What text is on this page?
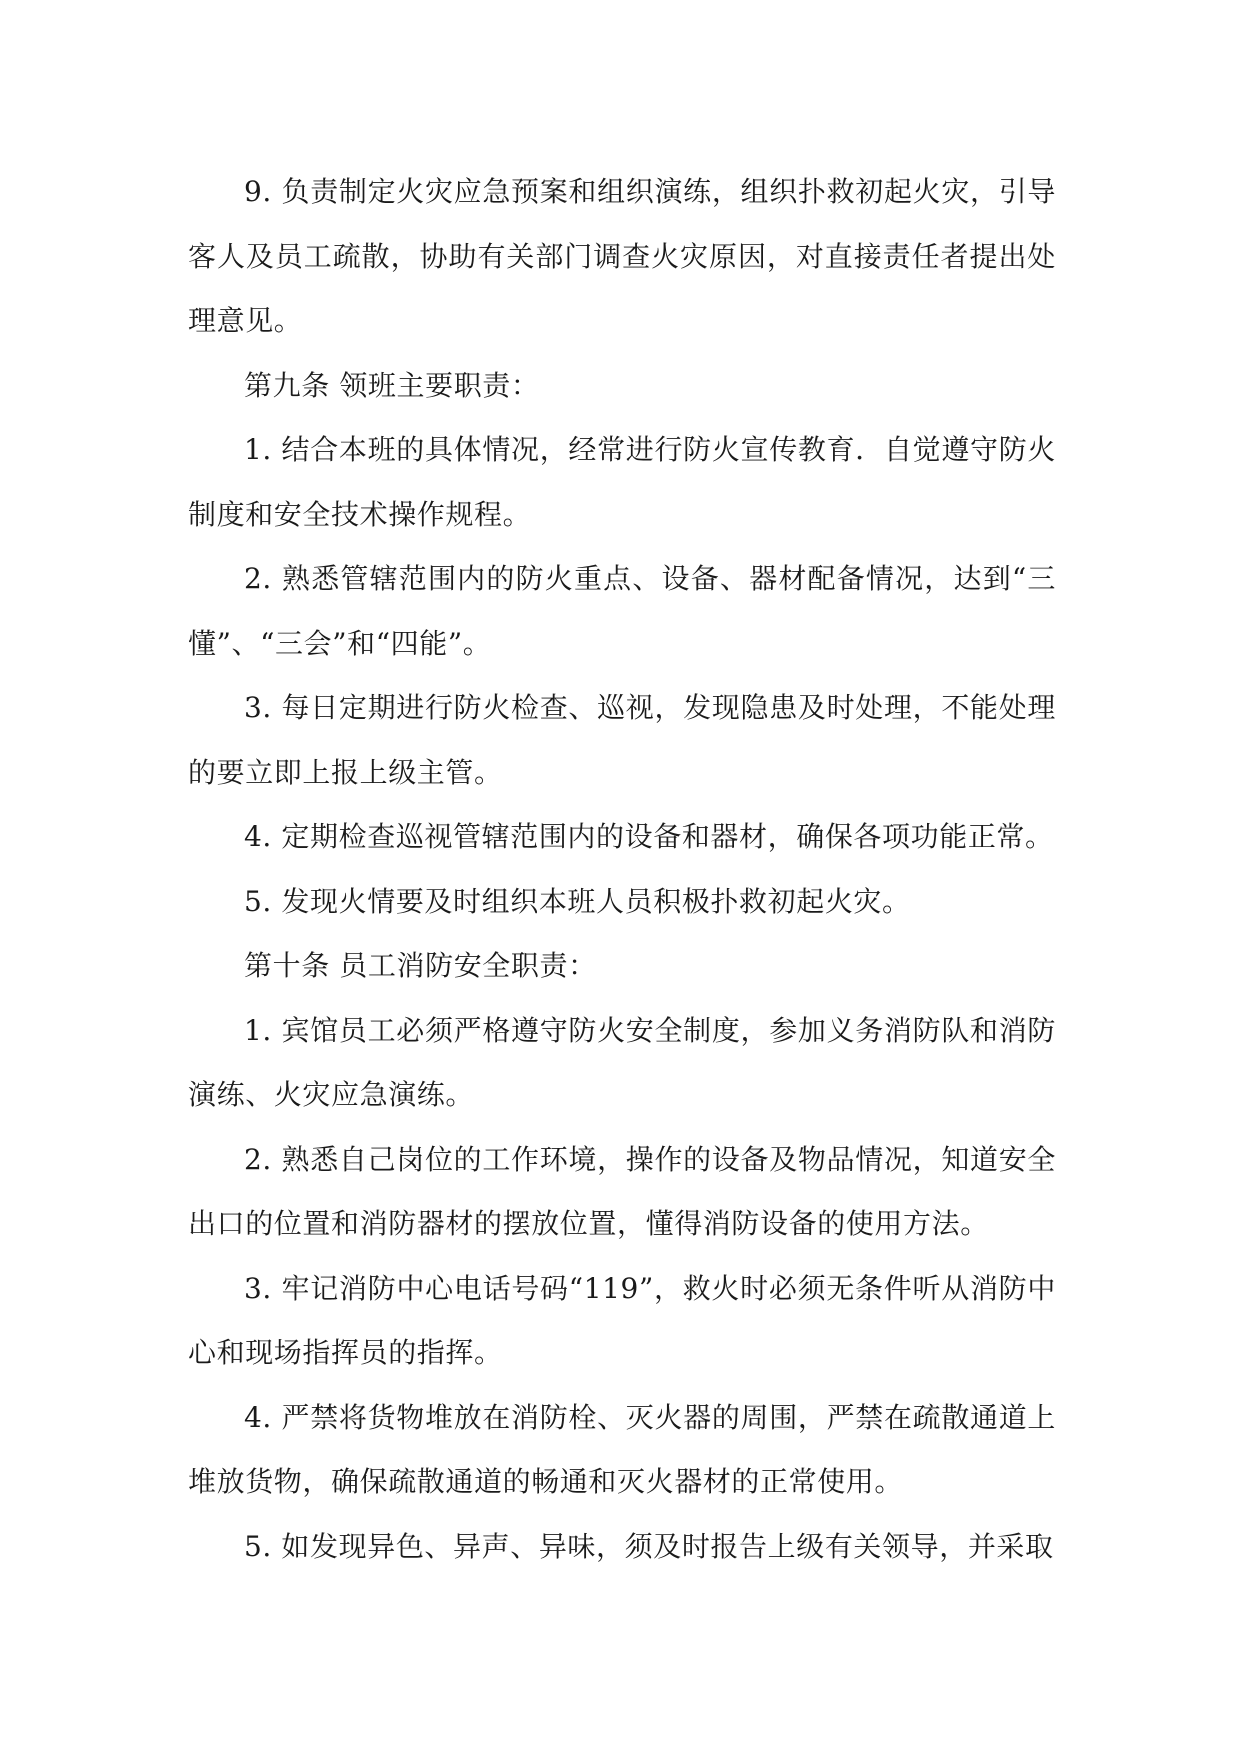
9. 负责制定火灾应急预案和组织演练，组织扑救初起火灾，引导客人及员工疏散，协助有关部门调查火灾原因，对直接责任者提出处理意见。

第九条 领班主要职责：

1. 结合本班的具体情况，经常进行防火宣传教育．自觉遵守防火制度和安全技术操作规程。

2. 熟悉管辖范围内的防火重点、设备、器材配备情况，达到“三懂”、“三会”和“四能”。

3. 每日定期进行防火检查、巡视，发现隐患及时处理，不能处理的要立即上报上级主管。

4. 定期检查巡视管辖范围内的设备和器材，确保各项功能正常。

5. 发现火情要及时组织本班人员积极扑救初起火灾。

第十条 员工消防安全职责：

1. 宾馆员工必须严格遵守防火安全制度，参加义务消防队和消防演练、火灾应急演练。

2. 熟悉自己岗位的工作环境，操作的设备及物品情况，知道安全出口的位置和消防器材的摆放位置，懂得消防设备的使用方法。

3. 牢记消防中心电话号码“119”，救火时必须无条件听从消防中心和现场指挥员的指挥。

4. 严禁将货物堆放在消防栓、灭火器的周围，严禁在疏散通道上堆放货物，确保疏散通道的畅通和灭火器材的正常使用。

5. 如发现异色、异声、异味，须及时报告上级有关领导，并采取
